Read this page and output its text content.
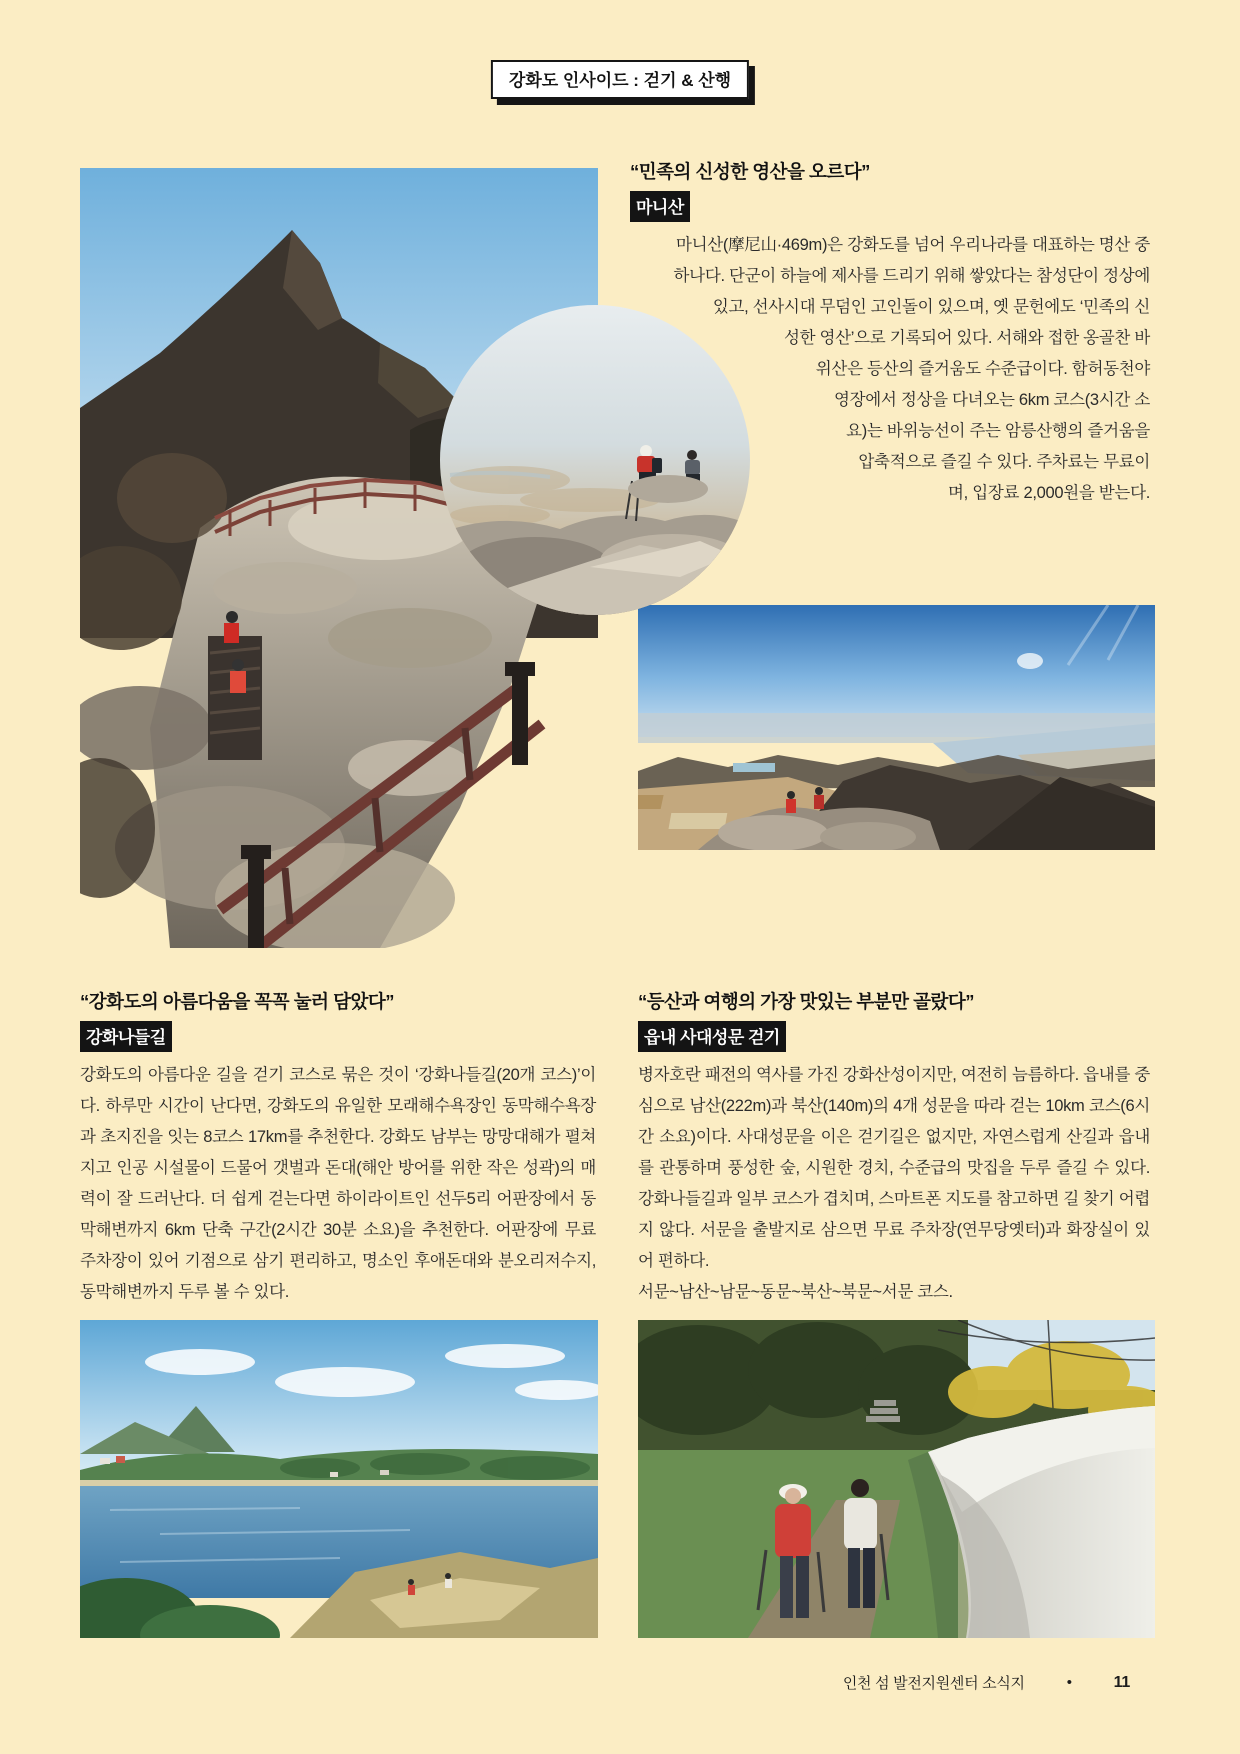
강화도 인사이드 : 걷기 & 산행
“민족의 신성한 영산을 오르다”
마니산
마니산(摩尼山·469m)은 강화도를 넘어 우리나라를 대표하는 명산 중
하나다. 단군이 하늘에 제사를 드리기 위해 쌓았다는 참성단이 정상에
있고, 선사시대 무덤인 고인돌이 있으며, 옛 문헌에도 ‘민족의 신
성한 영산’으로 기록되어 있다. 서해와 접한 옹골찬 바
위산은 등산의 즐거움도 수준급이다. 함허동천야
영장에서 정상을 다녀오는 6km 코스(3시간 소
요)는 바위능선이 주는 암릉산행의 즐거움을
압축적으로 즐길 수 있다. 주차료는 무료이
며, 입장료 2,000원을 받는다.
“강화도의 아름다움을 꼭꼭 눌러 담았다”
강화나들길

강화도의 아름다운 길을 걷기 코스로 묶은 것이 ‘강화나들길(20개 코스)’이다. 하루만 시간이 난다면, 강화도의 유일한 모래해수욕장인 동막해수욕장과 초지진을 잇는 8코스 17km를 추천한다. 강화도 남부는 망망대해가 펼쳐지고 인공 시설물이 드물어 갯벌과 돈대(해안 방어를 위한 작은 성곽)의 매력이 잘 드러난다. 더 쉽게 걷는다면 하이라이트인 선두5리 어판장에서 동막해변까지 6km 단축 구간(2시간 30분 소요)을 추천한다. 어판장에 무료 주차장이 있어 기점으로 삼기 편리하고, 명소인 후애돈대와 분오리저수지, 동막해변까지 두루 볼 수 있다.

“등산과 여행의 가장 맛있는 부분만 골랐다”
읍내 사대성문 걷기

병자호란 패전의 역사를 가진 강화산성이지만, 여전히 늠름하다. 읍내를 중심으로 남산(222m)과 북산(140m)의 4개 성문을 따라 걷는 10km 코스(6시간 소요)이다. 사대성문을 이은 걷기길은 없지만, 자연스럽게 산길과 읍내를 관통하며 풍성한 숲, 시원한 경치, 수준급의 맛집을 두루 즐길 수 있다. 강화나들길과 일부 코스가 겹치며, 스마트폰 지도를 참고하면 길 찾기 어렵지 않다. 서문을 출발지로 삼으면 무료 주차장(연무당옛터)과 화장실이 있어 편하다.

서문~남산~남문~동문~북산~북문~서문 코스.

인천 섬 발전지원센터 소식지	•	11
